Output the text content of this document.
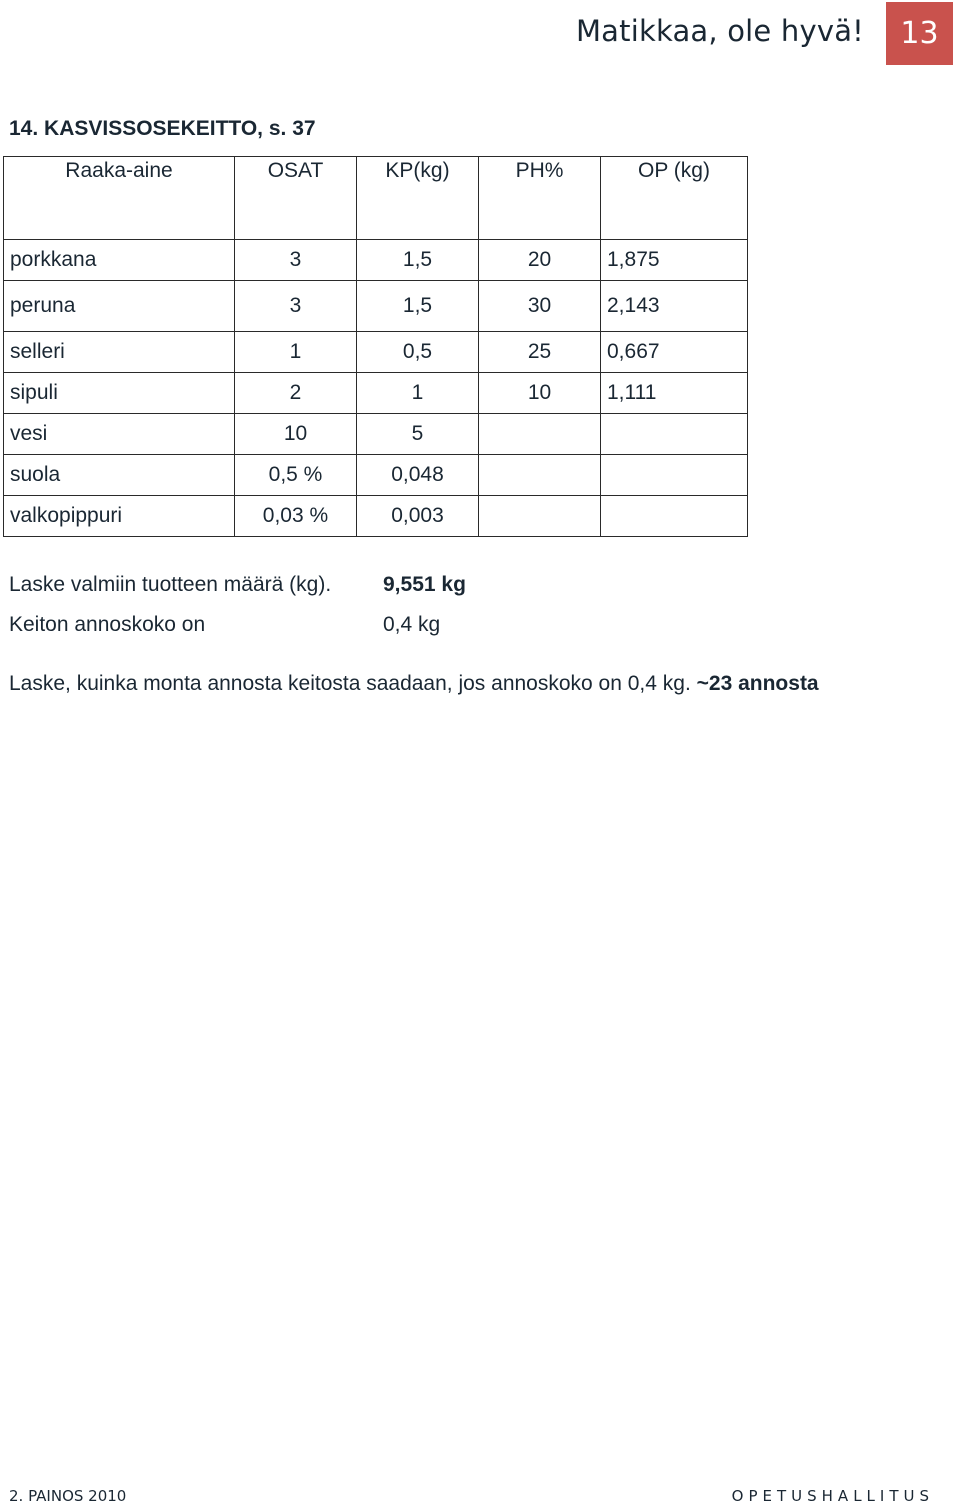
Matikkaa, ole hyvä!	13
14. KASVISSOSEKEITTO, s. 37
Raaka-aine	OSAT	KP(kg)	PH%	OP (kg)
porkkana	3	1,5	20	1,875
peruna	3	1,5	30	2,143
selleri	1	0,5	25	0,667
sipuli	2	1	10	1,111
vesi	10	5		
suola	0,5 %	0,048		
valkopippuri	0,03 %	0,003		
Laske valmiin tuotteen määrä (kg). 9,551 kg
Keiton annoskoko on	0,4 kg
Laske, kuinka monta annosta keitosta saadaan, jos annoskoko on 0,4 kg. ~23 annosta
2. PAINOS 2010	OPETUSHALLITUS
